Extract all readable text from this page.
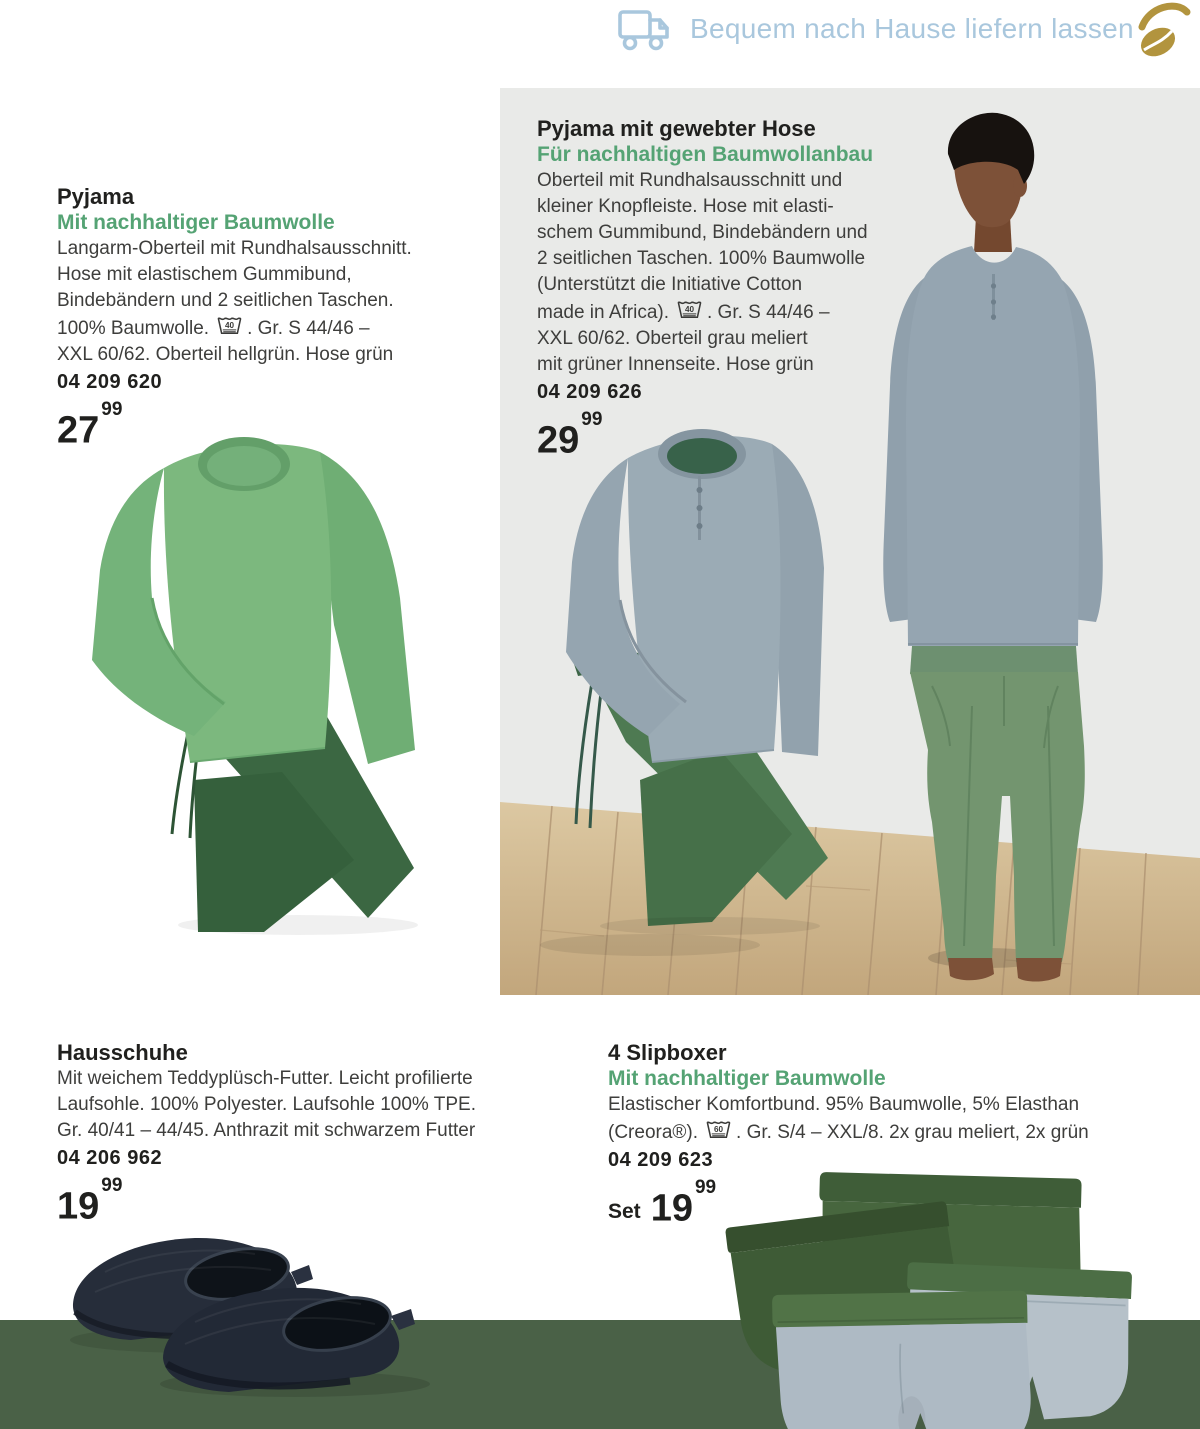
Bequem nach Hause liefern lassen
Pyjama
Mit nachhaltiger Baumwolle

Langarm-Oberteil mit Rundhalsausschnitt.
Hose mit elastischem Gummibund,
Bindebändern und 2 seitlichen Taschen.
100% Baumwolle. 40 . Gr. S 44/46 –
XXL 60/62. Oberteil hellgrün. Hose grün

04 209 620
$27^{99}$
Pyjama mit gewebter Hose
Für nachhaltigen Baumwollanbau

Oberteil mit Rundhalsausschnitt und
kleiner Knopfleiste. Hose mit elasti-
schem Gummibund, Bindebändern und
2 seitlichen Taschen. 100% Baumwolle
(Unterstützt die Initiative Cotton
made in Africa). 40 . Gr. S 44/46 –
XXL 60/62. Oberteil grau meliert
mit grüner Innenseite. Hose grün

04 209 626
$29^{99}$
Hausschuhe

Mit weichem Teddyplüsch-Futter. Leicht profilierte
Laufsohle. 100% Polyester. Laufsohle 100% TPE.
Gr. 40/41 – 44/45. Anthrazit mit schwarzem Futter

04 206 962
$19^{99}$
4 Slipboxer
Mit nachhaltiger Baumwolle

Elastischer Komfortbund. 95% Baumwolle, 5% Elasthan
(Creora®). 60 . Gr. S/4 – XXL/8. 2x grau meliert, 2x grün

04 209 623
Set $19^{99}$
